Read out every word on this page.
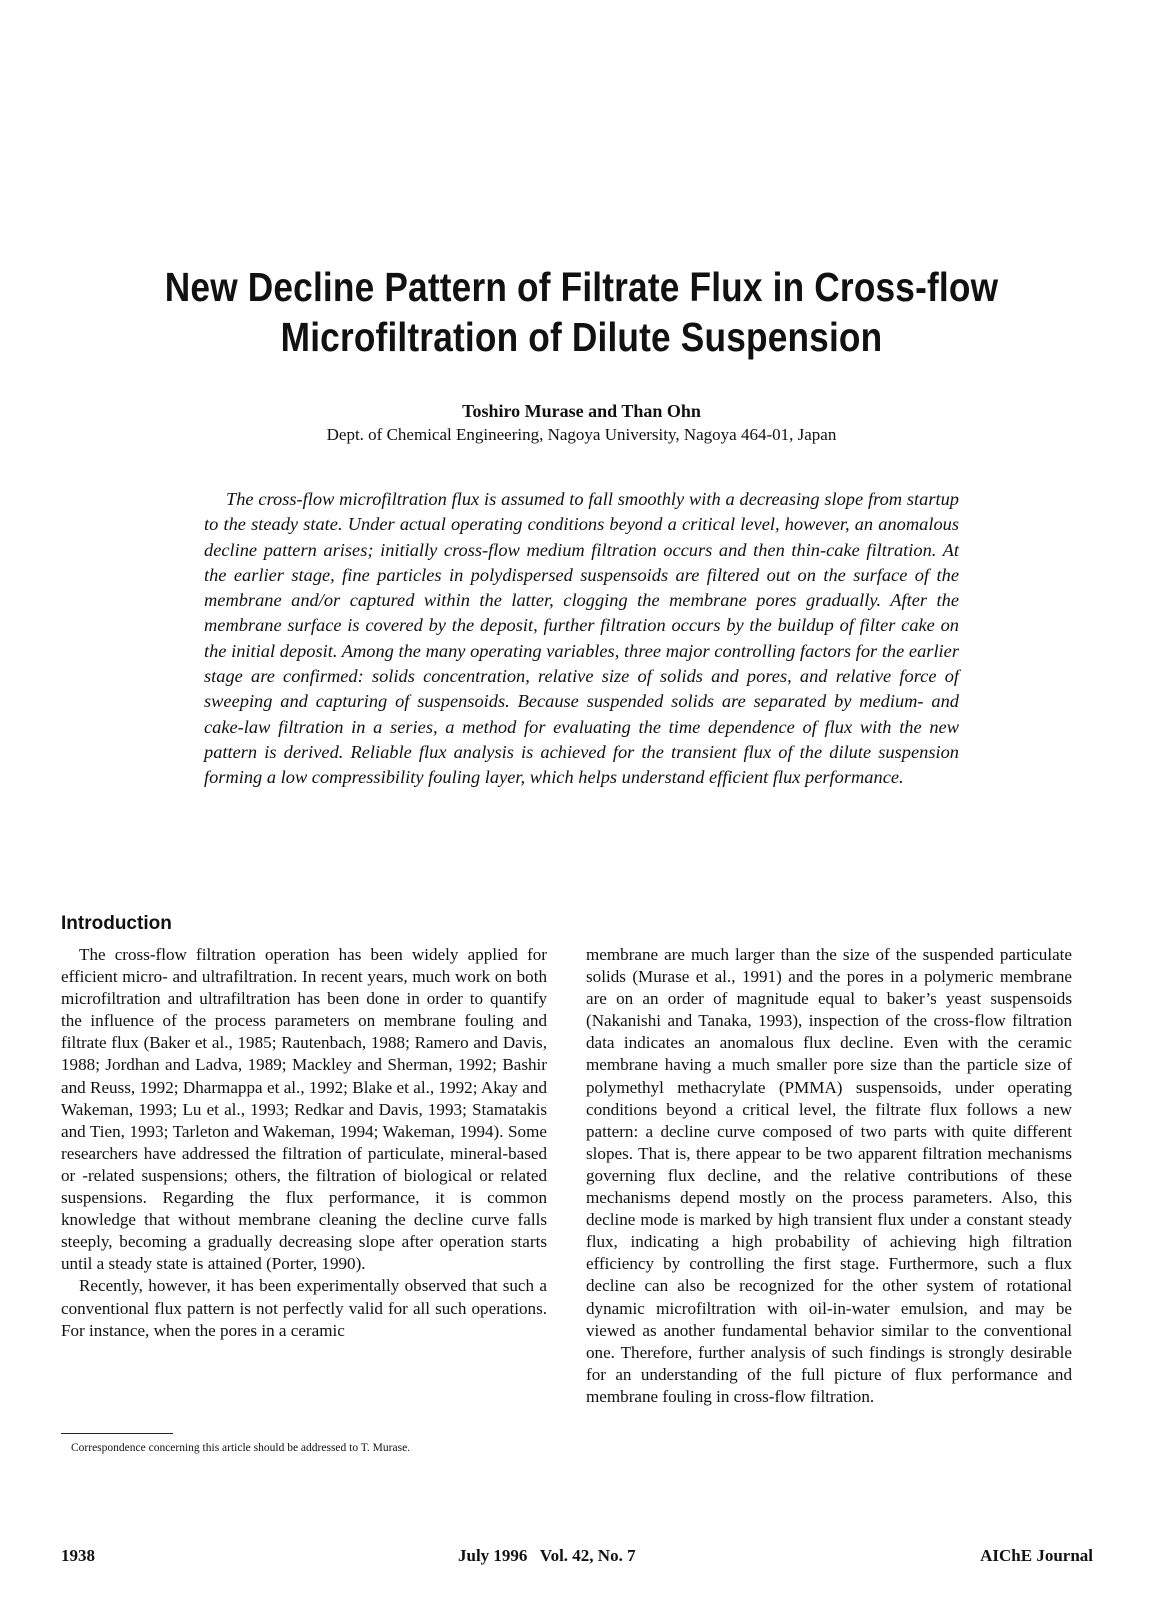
New Decline Pattern of Filtrate Flux in Cross-flow
Microfiltration of Dilute Suspension
Toshiro Murase and Than Ohn
Dept. of Chemical Engineering, Nagoya University, Nagoya 464-01, Japan

The cross-flow microfiltration flux is assumed to fall smoothly with a decreasing slope from startup to the steady state. Under actual operating conditions beyond a critical level, however, an anomalous decline pattern arises; initially cross-flow medium filtration occurs and then thin-cake filtration. At the earlier stage, fine particles in polydispersed suspensoids are filtered out on the surface of the membrane and/or captured within the latter, clogging the membrane pores gradually. After the membrane surface is covered by the deposit, further filtration occurs by the buildup of filter cake on the initial deposit. Among the many operating variables, three major controlling factors for the earlier stage are confirmed: solids concentration, relative size of solids and pores, and relative force of sweeping and capturing of suspensoids. Because suspended solids are separated by medium- and cake-law filtration in a series, a method for evaluating the time dependence of flux with the new pattern is derived. Reliable flux analysis is achieved for the transient flux of the dilute suspension forming a low compressibility fouling layer, which helps understand efficient flux performance.

Introduction

The cross-flow filtration operation has been widely applied for efficient micro- and ultrafiltration. In recent years, much work on both microfiltration and ultrafiltration has been done in order to quantify the influence of the process parameters on membrane fouling and filtrate flux (Baker et al., 1985; Rautenbach, 1988; Ramero and Davis, 1988; Jordhan and Ladva, 1989; Mackley and Sherman, 1992; Bashir and Reuss, 1992; Dharmappa et al., 1992; Blake et al., 1992; Akay and Wakeman, 1993; Lu et al., 1993; Redkar and Davis, 1993; Stamatakis and Tien, 1993; Tarleton and Wakeman, 1994; Wakeman, 1994). Some researchers have addressed the filtration of particulate, mineral-based or -related suspensions; others, the filtration of biological or related suspensions. Regarding the flux performance, it is common knowledge that without membrane cleaning the decline curve falls steeply, becoming a gradually decreasing slope after operation starts until a steady state is attained (Porter, 1990).

Recently, however, it has been experimentally observed that such a conventional flux pattern is not perfectly valid for all such operations. For instance, when the pores in a ceramic

membrane are much larger than the size of the suspended particulate solids (Murase et al., 1991) and the pores in a polymeric membrane are on an order of magnitude equal to baker’s yeast suspensoids (Nakanishi and Tanaka, 1993), inspection of the cross-flow filtration data indicates an anomalous flux decline. Even with the ceramic membrane having a much smaller pore size than the particle size of polymethyl methacrylate (PMMA) suspensoids, under operating conditions beyond a critical level, the filtrate flux follows a new pattern: a decline curve composed of two parts with quite different slopes. That is, there appear to be two apparent filtration mechanisms governing flux decline, and the relative contributions of these mechanisms depend mostly on the process parameters. Also, this decline mode is marked by high transient flux under a constant steady flux, indicating a high probability of achieving high filtration efficiency by controlling the first stage. Furthermore, such a flux decline can also be recognized for the other system of rotational dynamic microfiltration with oil-in-water emulsion, and may be viewed as another fundamental behavior similar to the conventional one. Therefore, further analysis of such findings is strongly desirable for an understanding of the full picture of flux performance and membrane fouling in cross-flow filtration.

Correspondence concerning this article should be addressed to T. Murase.
1938	July 1996   Vol. 42, No. 7	AIChE Journal
